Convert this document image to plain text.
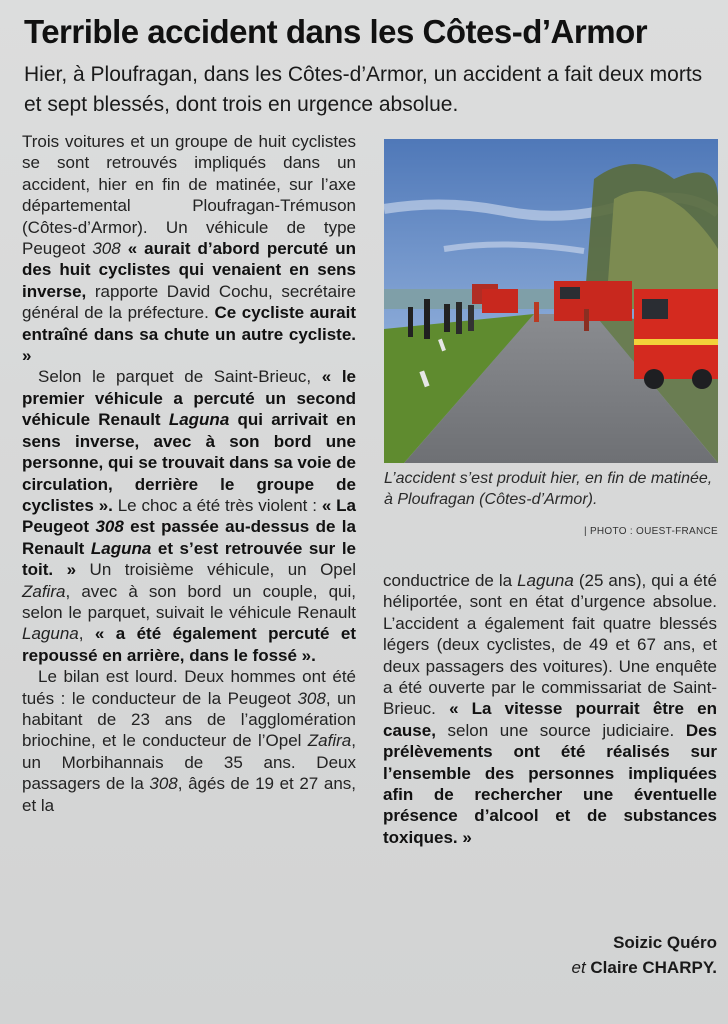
Terrible accident dans les Côtes-d’Armor
Hier, à Ploufragan, dans les Côtes-d’Armor, un accident a fait deux morts et sept blessés, dont trois en urgence absolue.

Trois voitures et un groupe de huit cyclistes se sont retrouvés impliqués dans un accident, hier en fin de matinée, sur l’axe départemental Ploufragan-Trémuson (Côtes-d’Armor). Un véhicule de type Peugeot 308 « aurait d’abord percuté un des huit cyclistes qui venaient en sens inverse, rapporte David Cochu, secrétaire général de la préfecture. Ce cycliste aurait entraîné dans sa chute un autre cycliste. »

Selon le parquet de Saint-Brieuc, « le premier véhicule a percuté un second véhicule Renault Laguna qui arrivait en sens inverse, avec à son bord une personne, qui se trouvait dans sa voie de circulation, derrière le groupe de cyclistes ». Le choc a été très violent : « La Peugeot 308 est passée au-dessus de la Renault Laguna et s’est retrouvée sur le toit. » Un troisième véhicule, un Opel Zafira, avec à son bord un couple, qui, selon le parquet, suivait le véhicule Renault Laguna, « a été également percuté et repoussé en arrière, dans le fossé ».

Le bilan est lourd. Deux hommes ont été tués : le conducteur de la Peugeot 308, un habitant de 23 ans de l’agglomération briochine, et le conducteur de l’Opel Zafira, un Morbihannais de 35 ans. Deux passagers de la 308, âgés de 19 et 27 ans, et la

L’accident s’est produit hier, en fin de matinée, à Ploufragan (Côtes-d’Armor).
| PHOTO : OUEST-FRANCE

conductrice de la Laguna (25 ans), qui a été héliportée, sont en état d’urgence absolue. L’accident a également fait quatre blessés légers (deux cyclistes, de 49 et 67 ans, et deux passagers des voitures). Une enquête a été ouverte par le commissariat de Saint-Brieuc. « La vitesse pourrait être en cause, selon une source judiciaire. Des prélèvements ont été réalisés sur l’ensemble des personnes impliquées afin de rechercher une éventuelle présence d’alcool et de substances toxiques. »

Soizic Quéro
et Claire CHARPY.
